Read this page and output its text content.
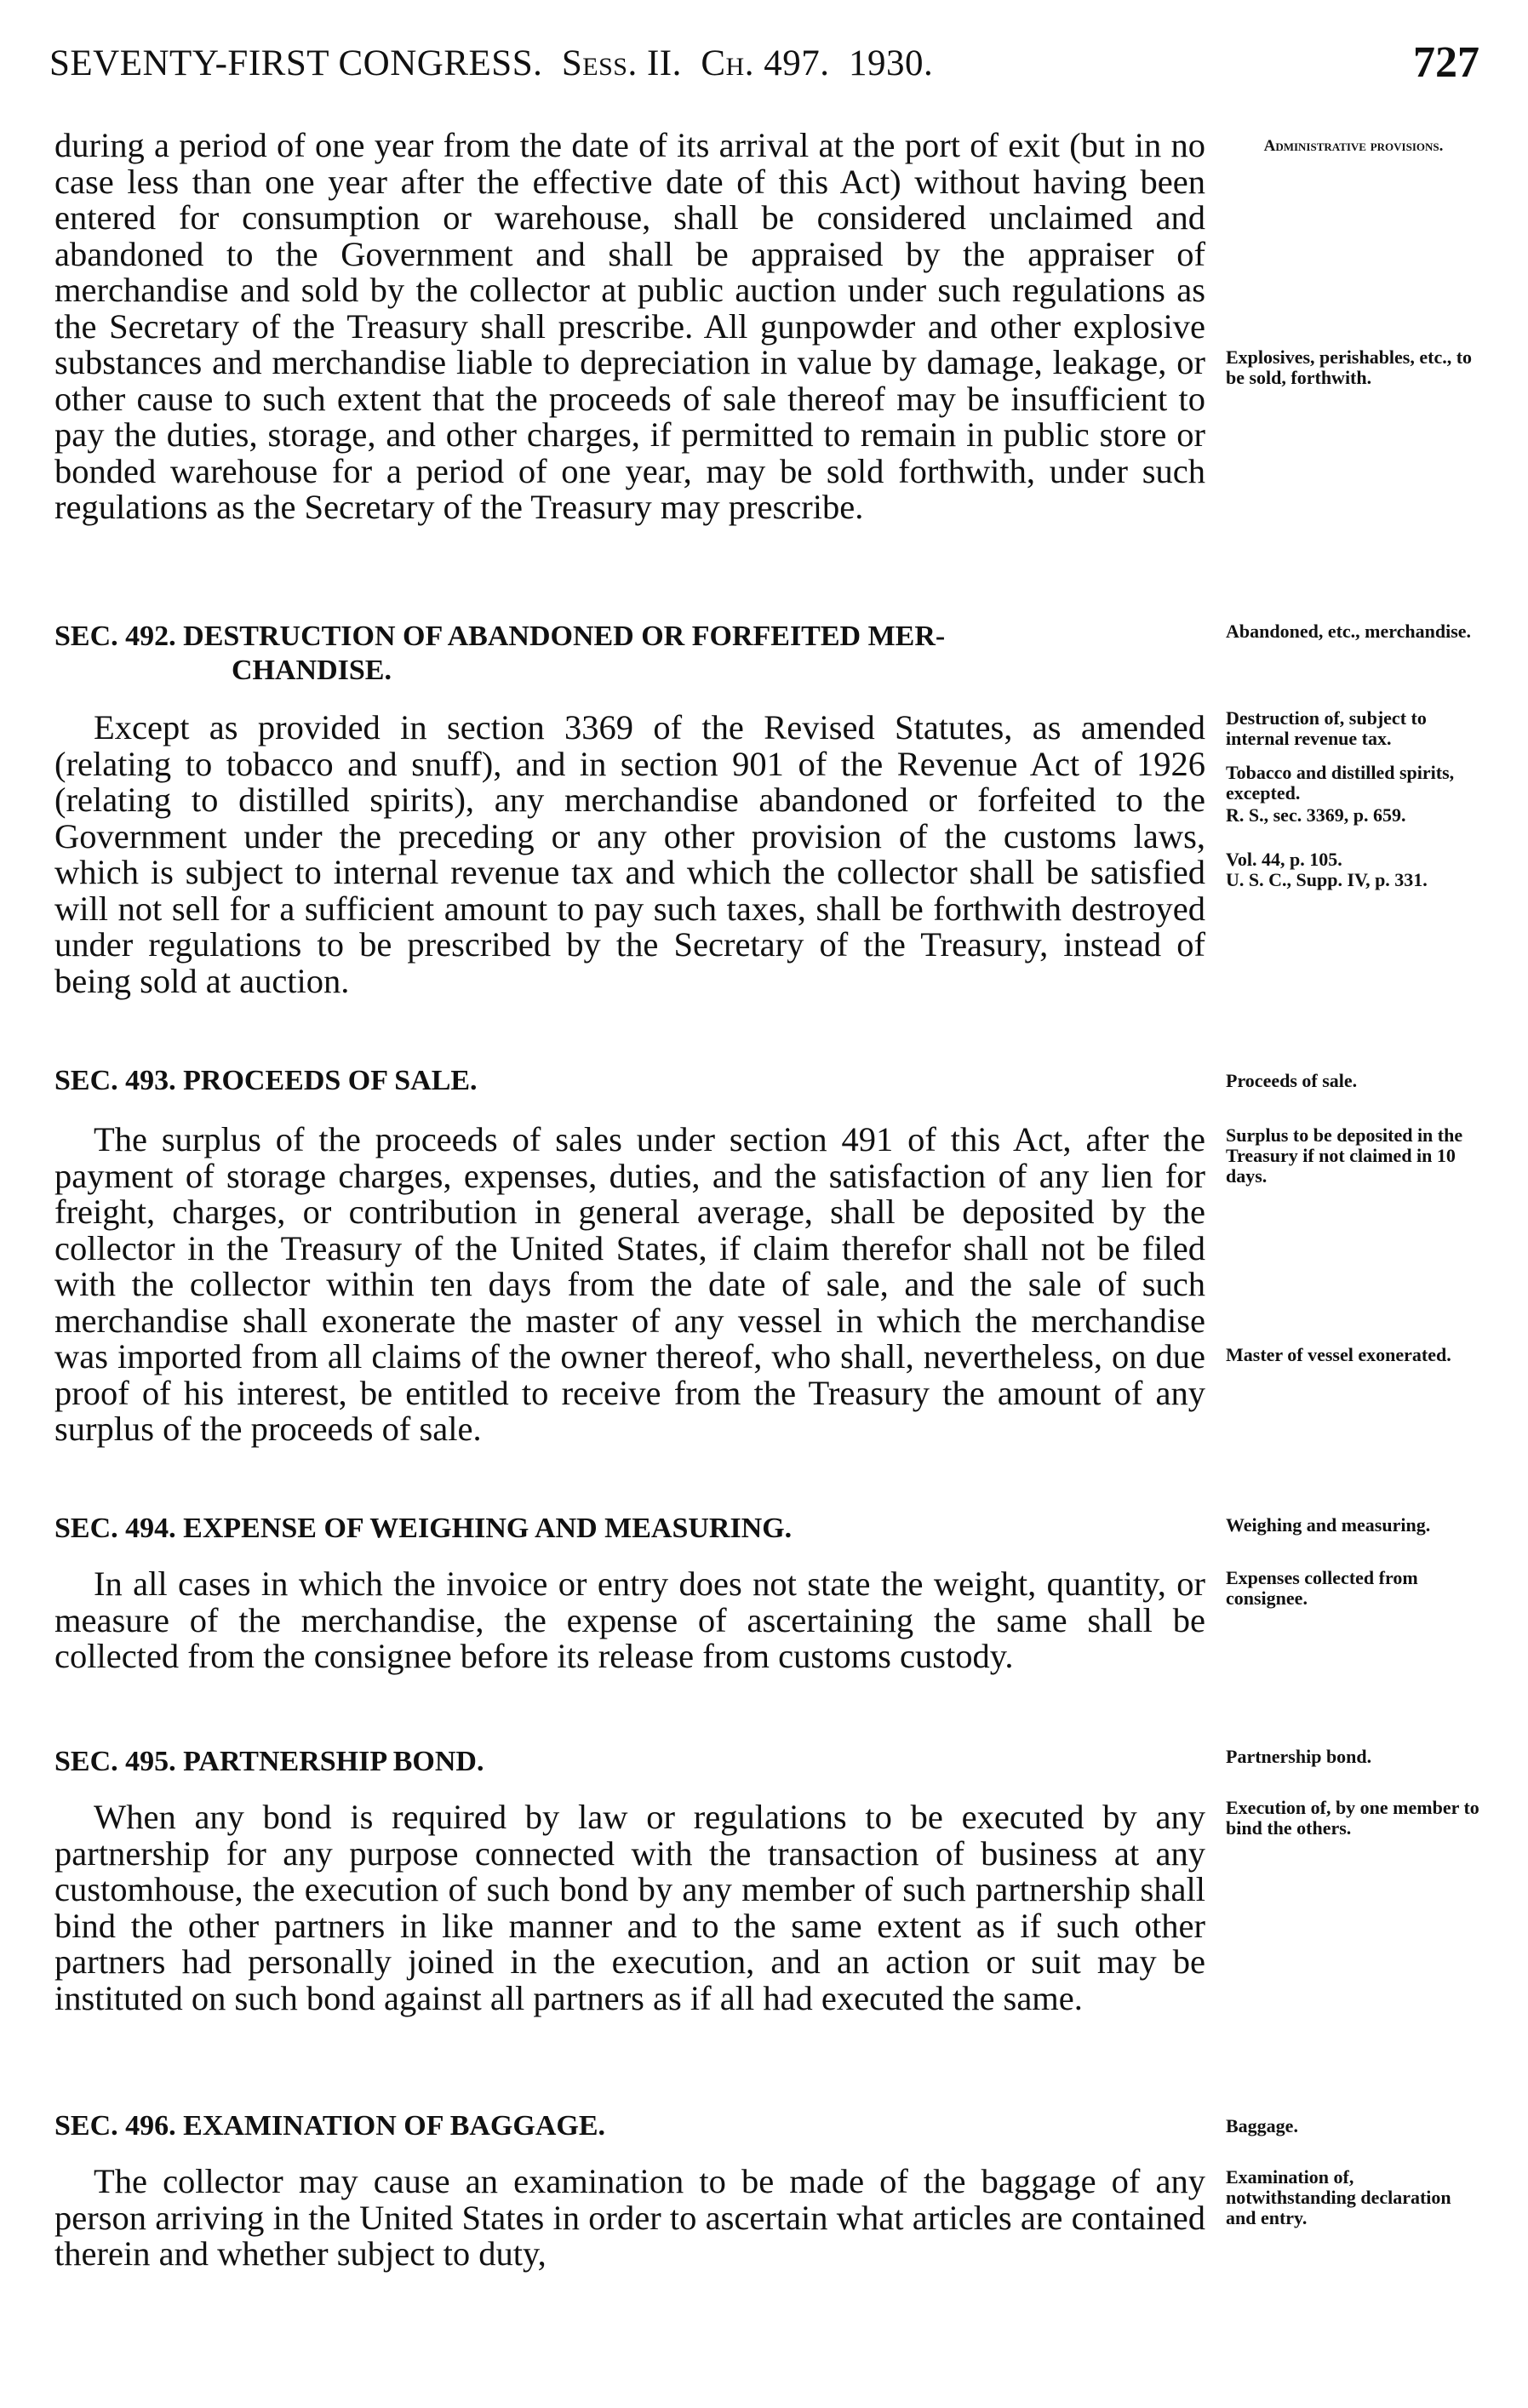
SEVENTY-FIRST CONGRESS. Sess. II. Ch. 497. 1930.	727

during a period of one year from the date of its arrival at the port of exit (but in no case less than one year after the effective date of this Act) without having been entered for consumption or warehouse, shall be considered unclaimed and abandoned to the Government and shall be appraised by the appraiser of merchandise and sold by the collector at public auction under such regulations as the Secretary of the Treasury shall prescribe. All gunpowder and other explosive substances and merchandise liable to depreciation in value by damage, leakage, or other cause to such extent that the proceeds of sale thereof may be insufficient to pay the duties, storage, and other charges, if permitted to remain in public store or bonded warehouse for a period of one year, may be sold forthwith, under such regulations as the Secretary of the Treasury may prescribe.

SEC. 492. DESTRUCTION OF ABANDONED OR FORFEITED MER-
CHANDISE.

Except as provided in section 3369 of the Revised Statutes, as amended (relating to tobacco and snuff), and in section 901 of the Revenue Act of 1926 (relating to distilled spirits), any merchandise abandoned or forfeited to the Government under the preceding or any other provision of the customs laws, which is subject to internal revenue tax and which the collector shall be satisfied will not sell for a sufficient amount to pay such taxes, shall be forthwith destroyed under regulations to be prescribed by the Secretary of the Treasury, instead of being sold at auction.

SEC. 493. PROCEEDS OF SALE.

The surplus of the proceeds of sales under section 491 of this Act, after the payment of storage charges, expenses, duties, and the satisfaction of any lien for freight, charges, or contribution in general average, shall be deposited by the collector in the Treasury of the United States, if claim therefor shall not be filed with the collector within ten days from the date of sale, and the sale of such merchandise shall exonerate the master of any vessel in which the merchandise was imported from all claims of the owner thereof, who shall, nevertheless, on due proof of his interest, be entitled to receive from the Treasury the amount of any surplus of the proceeds of sale.

SEC. 494. EXPENSE OF WEIGHING AND MEASURING.

In all cases in which the invoice or entry does not state the weight, quantity, or measure of the merchandise, the expense of ascertaining the same shall be collected from the consignee before its release from customs custody.

SEC. 495. PARTNERSHIP BOND.

When any bond is required by law or regulations to be executed by any partnership for any purpose connected with the transaction of business at any customhouse, the execution of such bond by any member of such partnership shall bind the other partners in like manner and to the same extent as if such other partners had personally joined in the execution, and an action or suit may be instituted on such bond against all partners as if all had executed the same.

SEC. 496. EXAMINATION OF BAGGAGE.

The collector may cause an examination to be made of the baggage of any person arriving in the United States in order to ascertain what articles are contained therein and whether subject to duty,

Administrative provisions.
Explosives, perishables, etc., to be sold, forthwith.
Abandoned, etc., merchandise.
Destruction of, subject to internal revenue tax.
Tobacco and distilled spirits, excepted.
R. S., sec. 3369, p. 659.
Vol. 44, p. 105.
U. S. C., Supp. IV, p. 331.
Proceeds of sale.
Surplus to be deposited in the Treasury if not claimed in 10 days.
Master of vessel exonerated.
Weighing and measuring.
Expenses collected from consignee.
Partnership bond.
Execution of, by one member to bind the others.
Baggage.
Examination of, notwithstanding declaration and entry.
